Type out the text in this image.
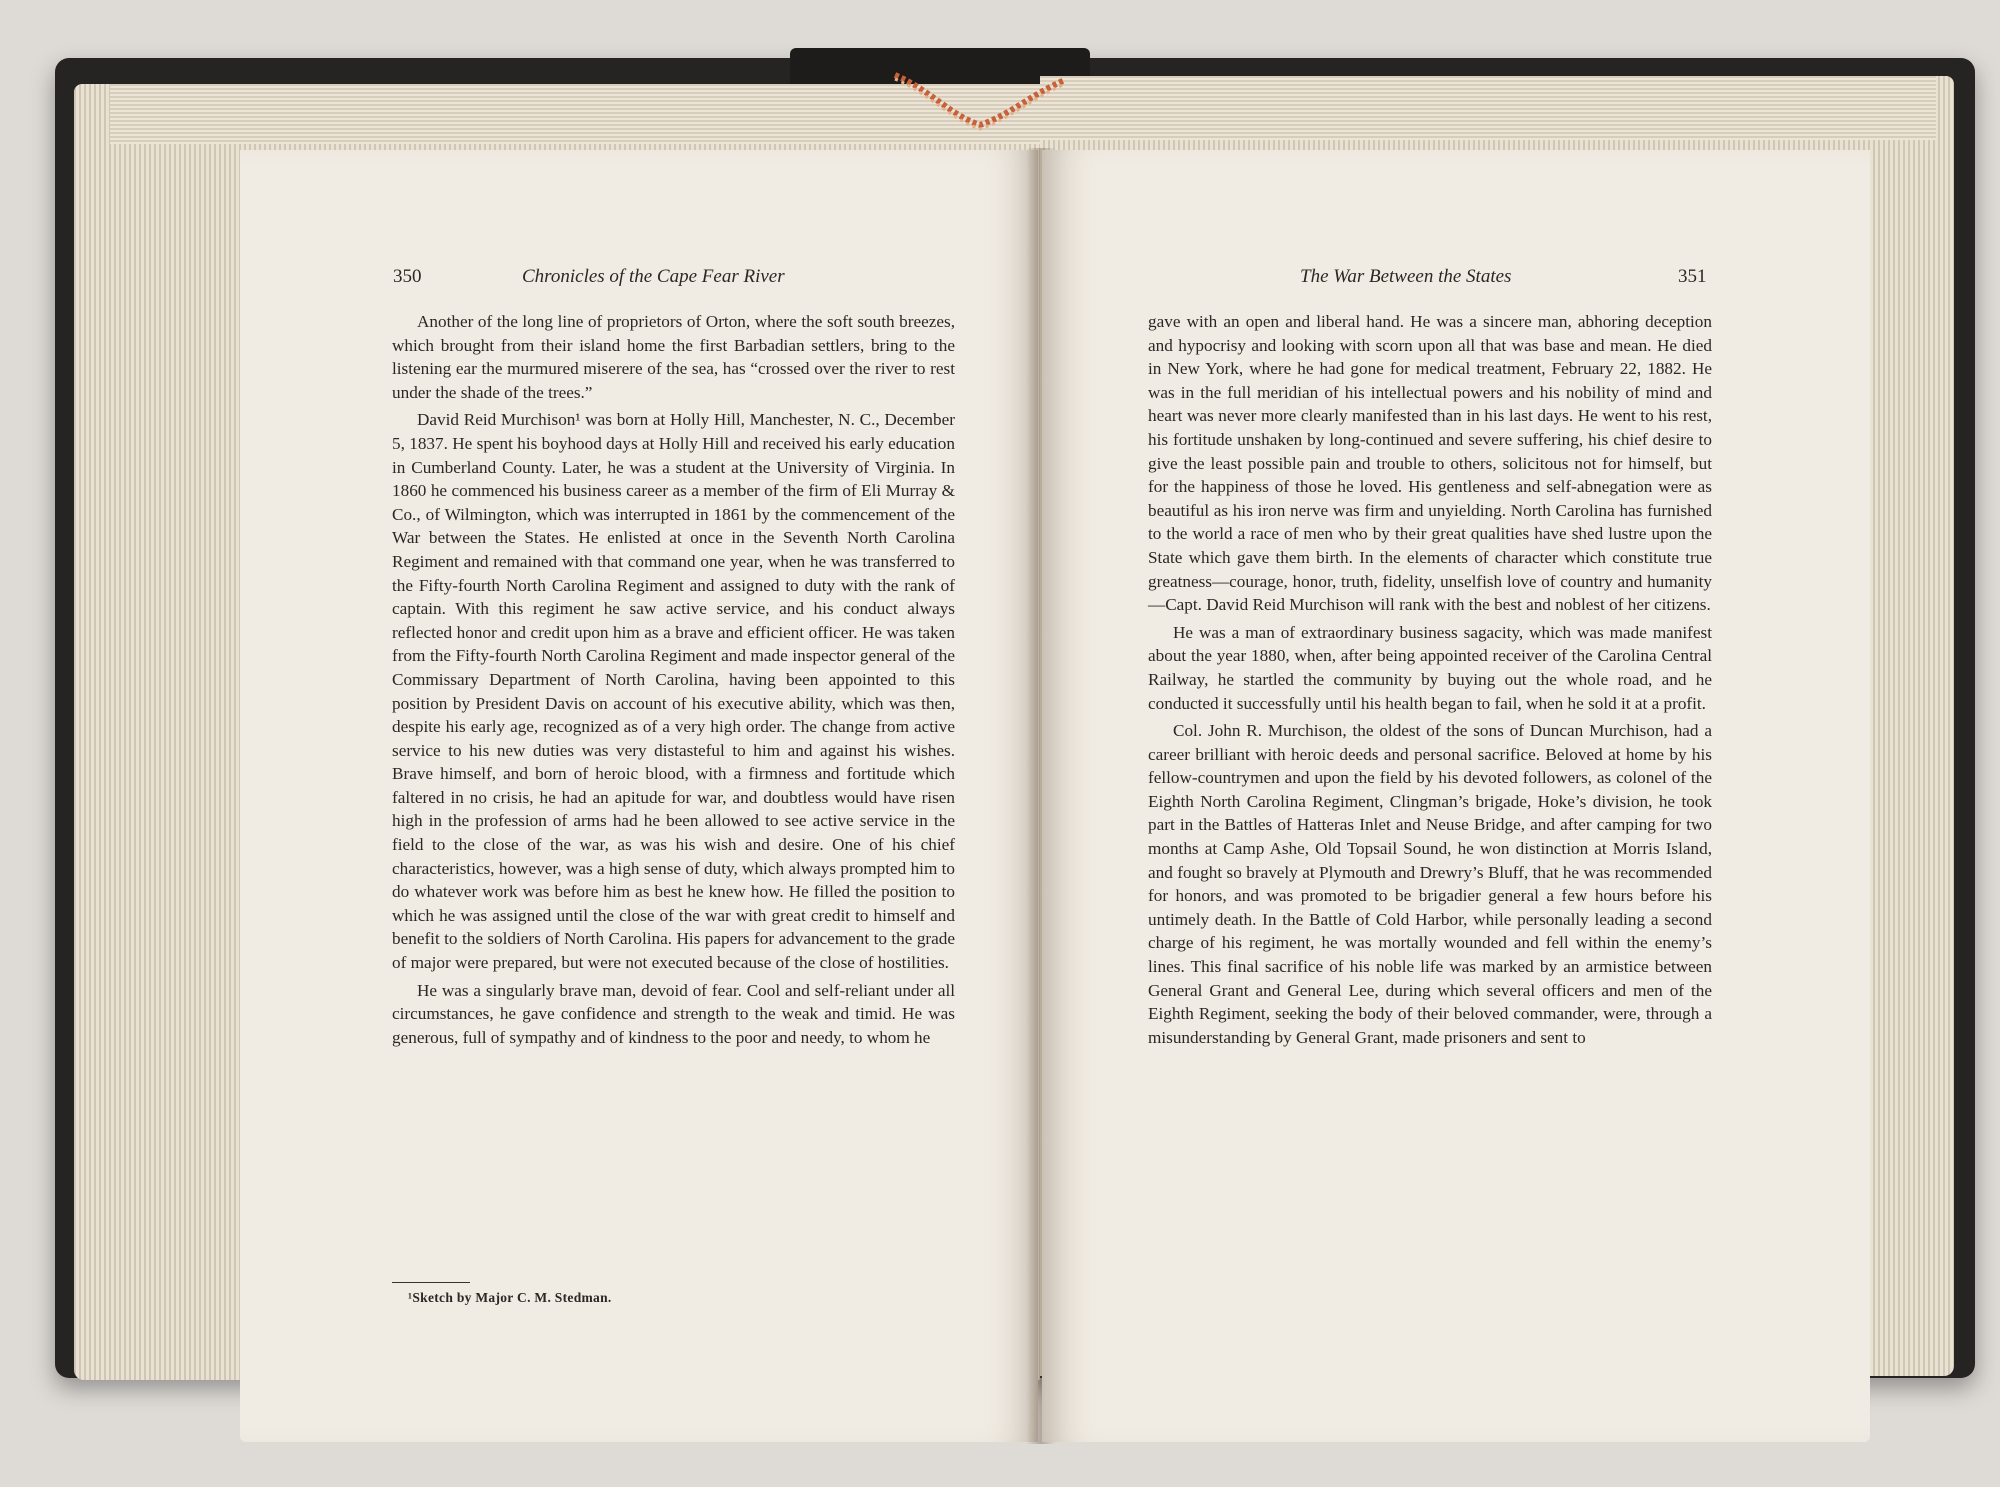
350	Chronicles of the Cape Fear River

Another of the long line of proprietors of Orton, where the soft south breezes, which brought from their island home the first Barbadian settlers, bring to the listening ear the murmured miserere of the sea, has “crossed over the river to rest under the shade of the trees.”

David Reid Murchison¹ was born at Holly Hill, Manchester, N. C., December 5, 1837. He spent his boyhood days at Holly Hill and received his early education in Cumberland County. Later, he was a student at the University of Virginia. In 1860 he commenced his business career as a member of the firm of Eli Murray & Co., of Wilmington, which was interrupted in 1861 by the commencement of the War between the States. He enlisted at once in the Seventh North Carolina Regiment and remained with that command one year, when he was transferred to the Fifty-fourth North Carolina Regiment and assigned to duty with the rank of captain. With this regiment he saw active service, and his conduct always reflected honor and credit upon him as a brave and efficient officer. He was taken from the Fifty-fourth North Carolina Regiment and made inspector general of the Commissary Department of North Carolina, having been appointed to this position by President Davis on account of his executive ability, which was then, despite his early age, recognized as of a very high order. The change from active service to his new duties was very distasteful to him and against his wishes. Brave himself, and born of heroic blood, with a firmness and fortitude which faltered in no crisis, he had an apitude for war, and doubtless would have risen high in the profession of arms had he been allowed to see active service in the field to the close of the war, as was his wish and desire. One of his chief characteristics, however, was a high sense of duty, which always prompted him to do whatever work was before him as best he knew how. He filled the position to which he was assigned until the close of the war with great credit to himself and benefit to the soldiers of North Carolina. His papers for advancement to the grade of major were prepared, but were not executed because of the close of hostilities.

He was a singularly brave man, devoid of fear. Cool and self-reliant under all circumstances, he gave confidence and strength to the weak and timid. He was generous, full of sympathy and of kindness to the poor and needy, to whom he

¹Sketch by Major C. M. Stedman.
The War Between the States	351

gave with an open and liberal hand. He was a sincere man, abhoring deception and hypocrisy and looking with scorn upon all that was base and mean. He died in New York, where he had gone for medical treatment, February 22, 1882. He was in the full meridian of his intellectual powers and his nobility of mind and heart was never more clearly manifested than in his last days. He went to his rest, his fortitude unshaken by long-continued and severe suffering, his chief desire to give the least possible pain and trouble to others, solicitous not for himself, but for the happiness of those he loved. His gentleness and self-abnegation were as beautiful as his iron nerve was firm and unyielding. North Carolina has furnished to the world a race of men who by their great qualities have shed lustre upon the State which gave them birth. In the elements of character which constitute true greatness—courage, honor, truth, fidelity, unselfish love of country and humanity—Capt. David Reid Murchison will rank with the best and noblest of her citizens.

He was a man of extraordinary business sagacity, which was made manifest about the year 1880, when, after being appointed receiver of the Carolina Central Railway, he startled the community by buying out the whole road, and he conducted it successfully until his health began to fail, when he sold it at a profit.

Col. John R. Murchison, the oldest of the sons of Duncan Murchison, had a career brilliant with heroic deeds and personal sacrifice. Beloved at home by his fellow-countrymen and upon the field by his devoted followers, as colonel of the Eighth North Carolina Regiment, Clingman’s brigade, Hoke’s division, he took part in the Battles of Hatteras Inlet and Neuse Bridge, and after camping for two months at Camp Ashe, Old Topsail Sound, he won distinction at Morris Island, and fought so bravely at Plymouth and Drewry’s Bluff, that he was recommended for honors, and was promoted to be brigadier general a few hours before his untimely death. In the Battle of Cold Harbor, while personally leading a second charge of his regiment, he was mortally wounded and fell within the enemy’s lines. This final sacrifice of his noble life was marked by an armistice between General Grant and General Lee, during which several officers and men of the Eighth Regiment, seeking the body of their beloved commander, were, through a misunderstanding by General Grant, made prisoners and sent to
